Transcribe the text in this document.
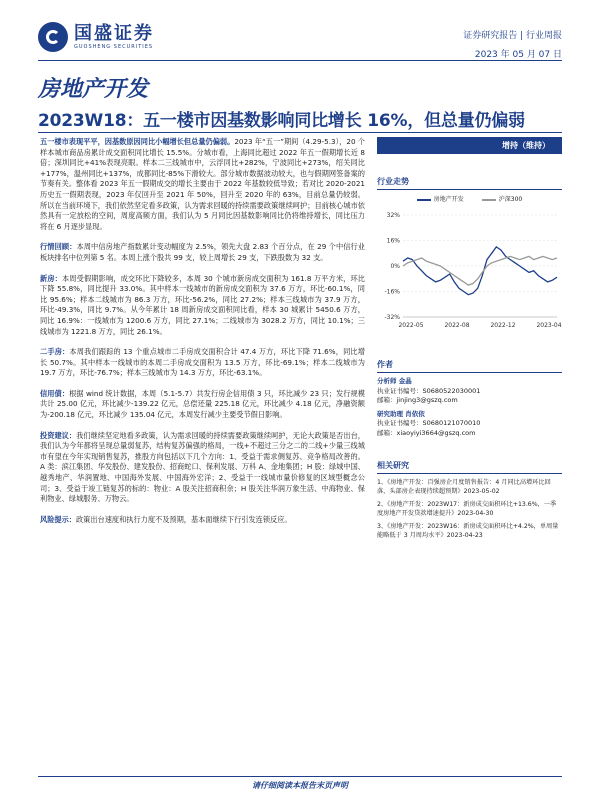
国盛证券
GUOSHENG SECURITIES
证券研究报告 | 行业周报
2023 年 05 月 07 日
房地产开发
2023W18：五一楼市因基数影响同比增长 16%，但总量仍偏弱

五一楼市表现平平，因基数原因同比小幅增长但总量仍偏弱。2023 年“五一”期间（4.29-5.3），20 个样本城市商品房累计成交面积同比增长 15.5%。分城市看，上海同比超过 2022 年五一假期增长近 8 倍；深圳同比+41%表现亮眼。样本二三线城市中，云浮同比+282%，宁波同比+273%，绍关同比+177%，温州同比+137%，成都同比-85%下滑较大。部分城市数据波动较大，也与假期网签备案的节奏有关。整体看 2023 年五一假期成交的增长主要由于 2022 年基数较低导致；若对比 2020-2021 历史五一假期表现，2023 年仅回升至 2021 年 50%，回升至 2020 年的 63%，目前总量仍较弱。所以在当前环境下，我们依然坚定看多政策，认为需求回暖的持续需要政策继续呵护；目前核心城市依然具有一定放松的空间，周度高频方面，我们认为 5 月同比因基数影响同比仍将维持增长，同比压力将在 6 月逐步显现。

行情回顾：本周中信房地产指数累计变动幅度为 2.5%，领先大盘 2.83 个百分点，在 29 个中信行业板块排名中位列第 5 名。本周上涨个股共 99 支，较上周增长 29 支，下跌股数为 32 支。

新房：本周受假期影响，成交环比下降较多，本周 30 个城市新房成交面积为 161.8 万平方米，环比下降 55.8%，同比提升 33.0%。其中样本一线城市的新房成交面积为 37.6 万方，环比-60.1%，同比 95.6%；样本二线城市为 86.3 万方，环比-56.2%，同比 27.2%；样本三线城市为 37.9 万方，环比-49.3%，同比 9.7%。从今年累计 18 周新房成交面积同比看，样本 30 城累计 5450.6 万方，同比 16.9%：一线城市为 1200.6 万方，同比 27.1%；二线城市为 3028.2 万方，同比 10.1%；三线城市为 1221.8 万方，同比 26.1%。

二手房：本周我们跟踪的 13 个重点城市二手房成交面积合计 47.4 万方，环比下降 71.6%，同比增长 50.7%。其中样本一线城市的本周二手房成交面积为 13.5 万方，环比-69.1%；样本二线城市为 19.7 万方，环比-76.7%；样本三线城市为 14.3 万方，环比-63.1%。

信用债：根据 wind 统计数据，本周（5.1-5.7）共发行房企信用债 3 只，环比减少 23 只；发行规模共计 25.00 亿元，环比减少-139.22 亿元，总偿还量 225.18 亿元，环比减少 4.18 亿元，净融资额为-200.18 亿元，环比减少 135.04 亿元，本周发行减少主要受节假日影响。

投资建议：我们继续坚定地看多政策，认为需求回暖的持续需要政策继续呵护，无论大政策是否出台，我们认为今年都将呈现总量弱复苏，结构复苏偏强的格局，一线+不超过三分之二的二线+少量三线城市有望在今年实现销售复苏，推股方向包括以下几个方向：1、受益于需求侧复苏、竞争格局改善的。A 类：滨江集团、华发股份、建发股份、招商蛇口、保利发展、万科 A、金地集团；H 股：绿城中国、越秀地产、华润置地、中国海外发展、中国海外宏洋；2、受益于一线城市量价修复的区域型概念公司；3、受益于竣工链复苏的标的：物业：A 股关注招商积余；H 股关注华润万象生活、中海物业、保利物业、绿城服务、万物云。

风险提示：政策出台速度和执行力度不及预期，基本面继续下行引发连锁反应。

增持（维持）
行业走势
房地产开发	沪深300
32%
16%
0%
-16%
-32%
2022-05	2022-08	2022-12	2023-04
作者
分析师 金晶
执业证书编号：S0680522030001
邮箱：jinjing3@gszq.com
研究助理 肖依依
执业证书编号：S0680121070010
邮箱：xiaoyiyi3664@gszq.com
相关研究
1、《房地产开发：百强房企月度销售报告：4 月同比高增环比回落，头部房企表现持续超预期》2023-05-02
2、《房地产开发：2023W17：新房成交面积环比+13.6%，一季度房地产开发贷款增速提升》2023-04-30
3、《房地产开发：2023W16：新房成交面积环比+4.2%，单周量能略低于 3 月周均水平》2023-04-23
请仔细阅读本报告末页声明
